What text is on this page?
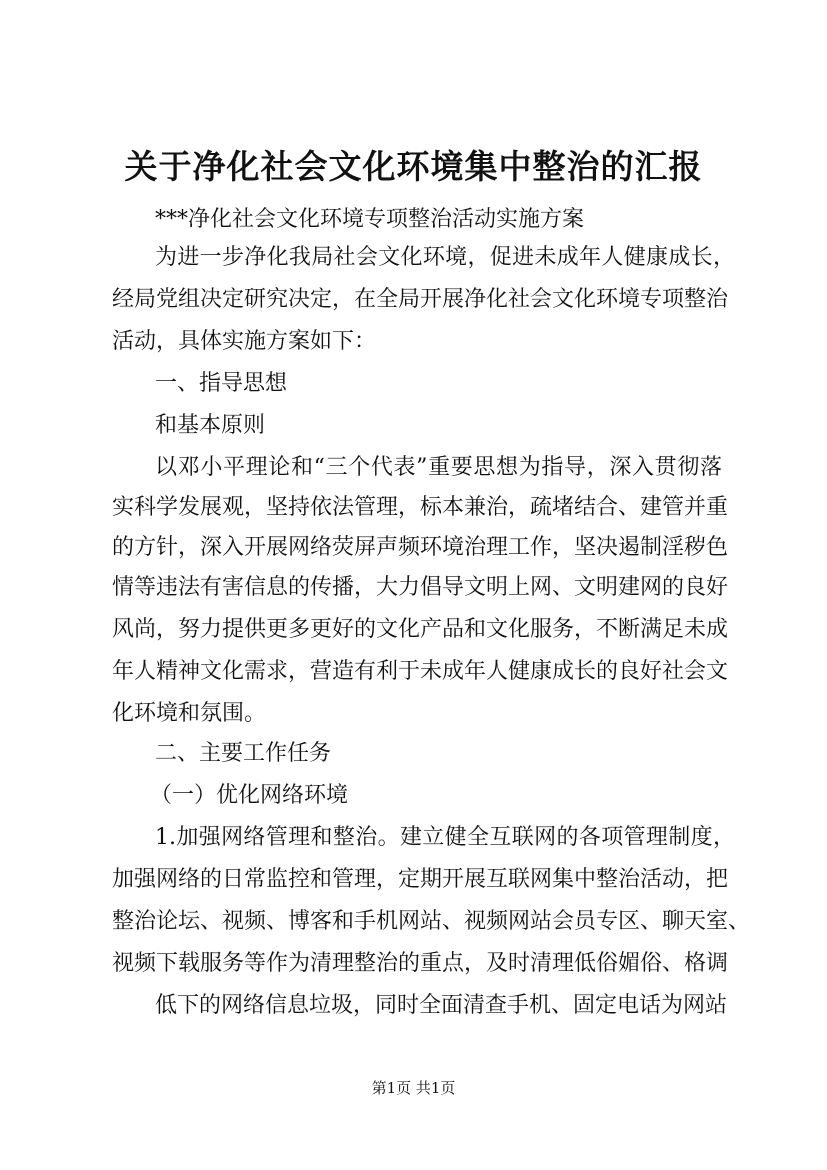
关于净化社会文化环境集中整治的汇报
***净化社会文化环境专项整治活动实施方案
为进一步净化我局社会文化环境，促进未成年人健康成长，
经局党组决定研究决定，在全局开展净化社会文化环境专项整治
活动，具体实施方案如下：
一、指导思想
和基本原则
以邓小平理论和“三个代表”重要思想为指导，深入贯彻落
实科学发展观，坚持依法管理，标本兼治，疏堵结合、建管并重
的方针，深入开展网络荧屏声频环境治理工作，坚决遏制淫秽色
情等违法有害信息的传播，大力倡导文明上网、文明建网的良好
风尚，努力提供更多更好的文化产品和文化服务，不断满足未成
年人精神文化需求，营造有利于未成年人健康成长的良好社会文
化环境和氛围。
二、主要工作任务
（一）优化网络环境
1.加强网络管理和整治。建立健全互联网的各项管理制度，
加强网络的日常监控和管理，定期开展互联网集中整治活动，把
整治论坛、视频、博客和手机网站、视频网站会员专区、聊天室、
视频下载服务等作为清理整治的重点，及时清理低俗媚俗、格调
低下的网络信息垃圾，同时全面清查手机、固定电话为网站
第1页 共1页
